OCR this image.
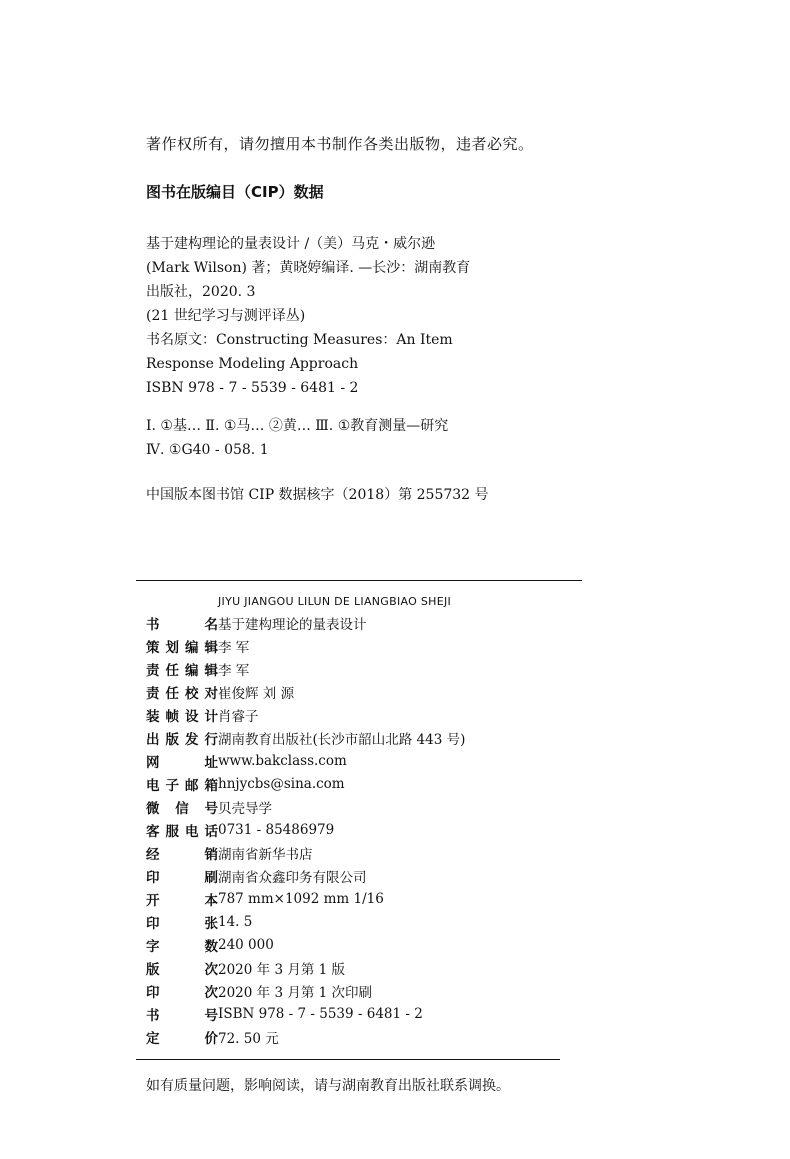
著作权所有，请勿擅用本书制作各类出版物，违者必究。
图书在版编目（CIP）数据
基于建构理论的量表设计 /（美）马克・威尔逊
(Mark Wilson) 著；黄晓婷编译. —长沙：湖南教育
出版社，2020. 3
(21 世纪学习与测评译丛)
书名原文：Constructing Measures：An Item
Response Modeling Approach
ISBN 978 - 7 - 5539 - 6481 - 2
Ⅰ. ①基… Ⅱ. ①马… ②黄… Ⅲ. ①教育测量—研究
Ⅳ. ①G40 - 058. 1
中国版本图书馆 CIP 数据核字（2018）第 255732 号
JIYU JIANGOU LILUN DE LIANGBIAO SHEJI
书	名 基于建构理论的量表设计
策 划 编 辑 李 军
责 任 编 辑 李 军
责 任 校 对 崔俊辉 刘 源
装 帧 设 计 肖睿子
出 版 发 行 湖南教育出版社(长沙市韶山北路 443 号)
网	址 www.bakclass.com
电 子 邮 箱 hnjycbs@sina.com
微 信 号 贝壳导学
客 服 电 话 0731 - 85486979
经	销 湖南省新华书店
印	刷 湖南省众鑫印务有限公司
开	本 787 mm×1092 mm 1/16
印	张 14. 5
字	数 240 000
版	次 2020 年 3 月第 1 版
印	次 2020 年 3 月第 1 次印刷
书	号 ISBN 978 - 7 - 5539 - 6481 - 2
定	价 72. 50 元
如有质量问题，影响阅读，请与湖南教育出版社联系调换。
